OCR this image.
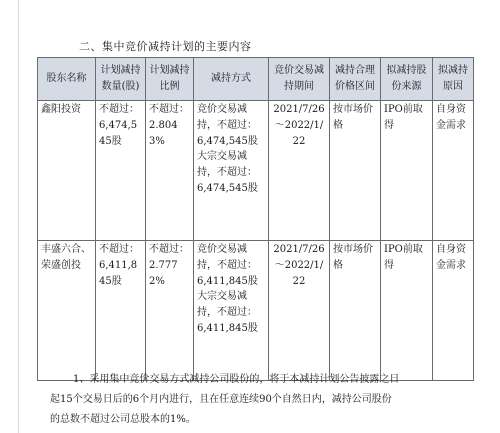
二、集中竞价减持计划的主要内容
股东名称	计划减持数量(股)	计划减持比例	减持方式	竞价交易减持期间	减持合理价格区间	拟减持股份来源	拟减持原因
鑫阳投资	不超过：6,474,545股	不超过：2.8043%	竞价交易减持，不超过：6,474,545股大宗交易减持，不超过：6,474,545股	2021/7/26～2022/1/22	按市场价格	IPO前取得	自身资金需求
丰盛六合、荣盛创投	不超过：6,411,845股	不超过：2.7772%	竞价交易减持，不超过：6,411,845股大宗交易减持，不超过：6,411,845股	2021/7/26～2022/1/22	按市场价格	IPO前取得	自身资金需求
1、采用集中竞价交易方式减持公司股份的，将于本减持计划公告披露之日
起15个交易日后的6个月内进行，且在任意连续90个自然日内，减持公司股份
的总数不超过公司总股本的1%。
